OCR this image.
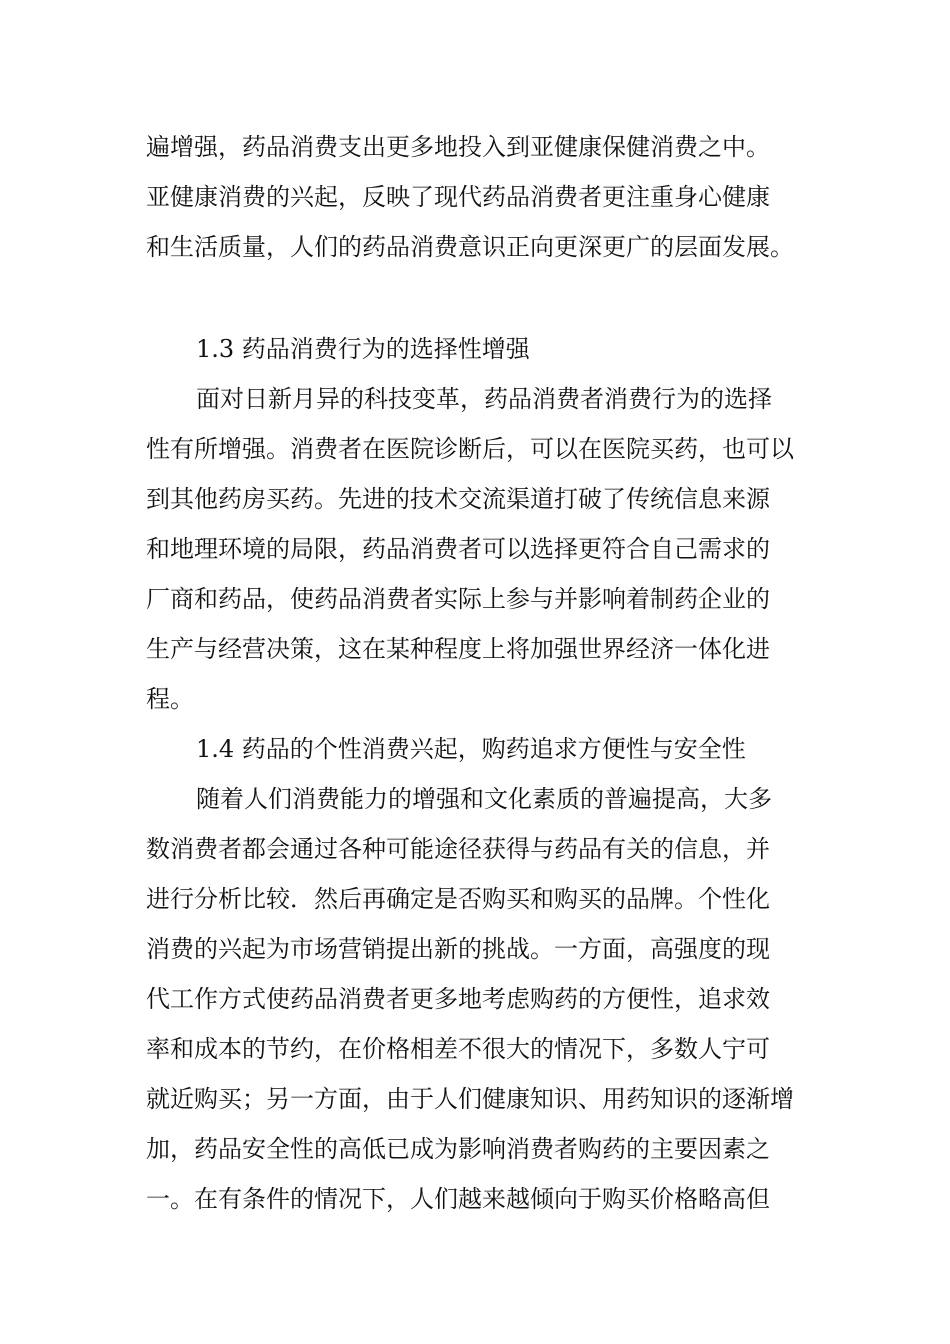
遍增强，药品消费支出更多地投入到亚健康保健消费之中。
亚健康消费的兴起，反映了现代药品消费者更注重身心健康
和生活质量，人们的药品消费意识正向更深更广的层面发展。
1.3 药品消费行为的选择性增强
面对日新月异的科技变革，药品消费者消费行为的选择
性有所增强。消费者在医院诊断后，可以在医院买药，也可以
到其他药房买药。先进的技术交流渠道打破了传统信息来源
和地理环境的局限，药品消费者可以选择更符合自己需求的
厂商和药品，使药品消费者实际上参与并影响着制药企业的
生产与经营决策，这在某种程度上将加强世界经济一体化进
程。
1.4 药品的个性消费兴起，购药追求方便性与安全性
随着人们消费能力的增强和文化素质的普遍提高，大多
数消费者都会通过各种可能途径获得与药品有关的信息，并
进行分析比较．然后再确定是否购买和购买的品牌。个性化
消费的兴起为市场营销提出新的挑战。一方面，高强度的现
代工作方式使药品消费者更多地考虑购药的方便性，追求效
率和成本的节约，在价格相差不很大的情况下，多数人宁可
就近购买；另一方面，由于人们健康知识、用药知识的逐渐增
加，药品安全性的高低已成为影响消费者购药的主要因素之
一。在有条件的情况下，人们越来越倾向于购买价格略高但
